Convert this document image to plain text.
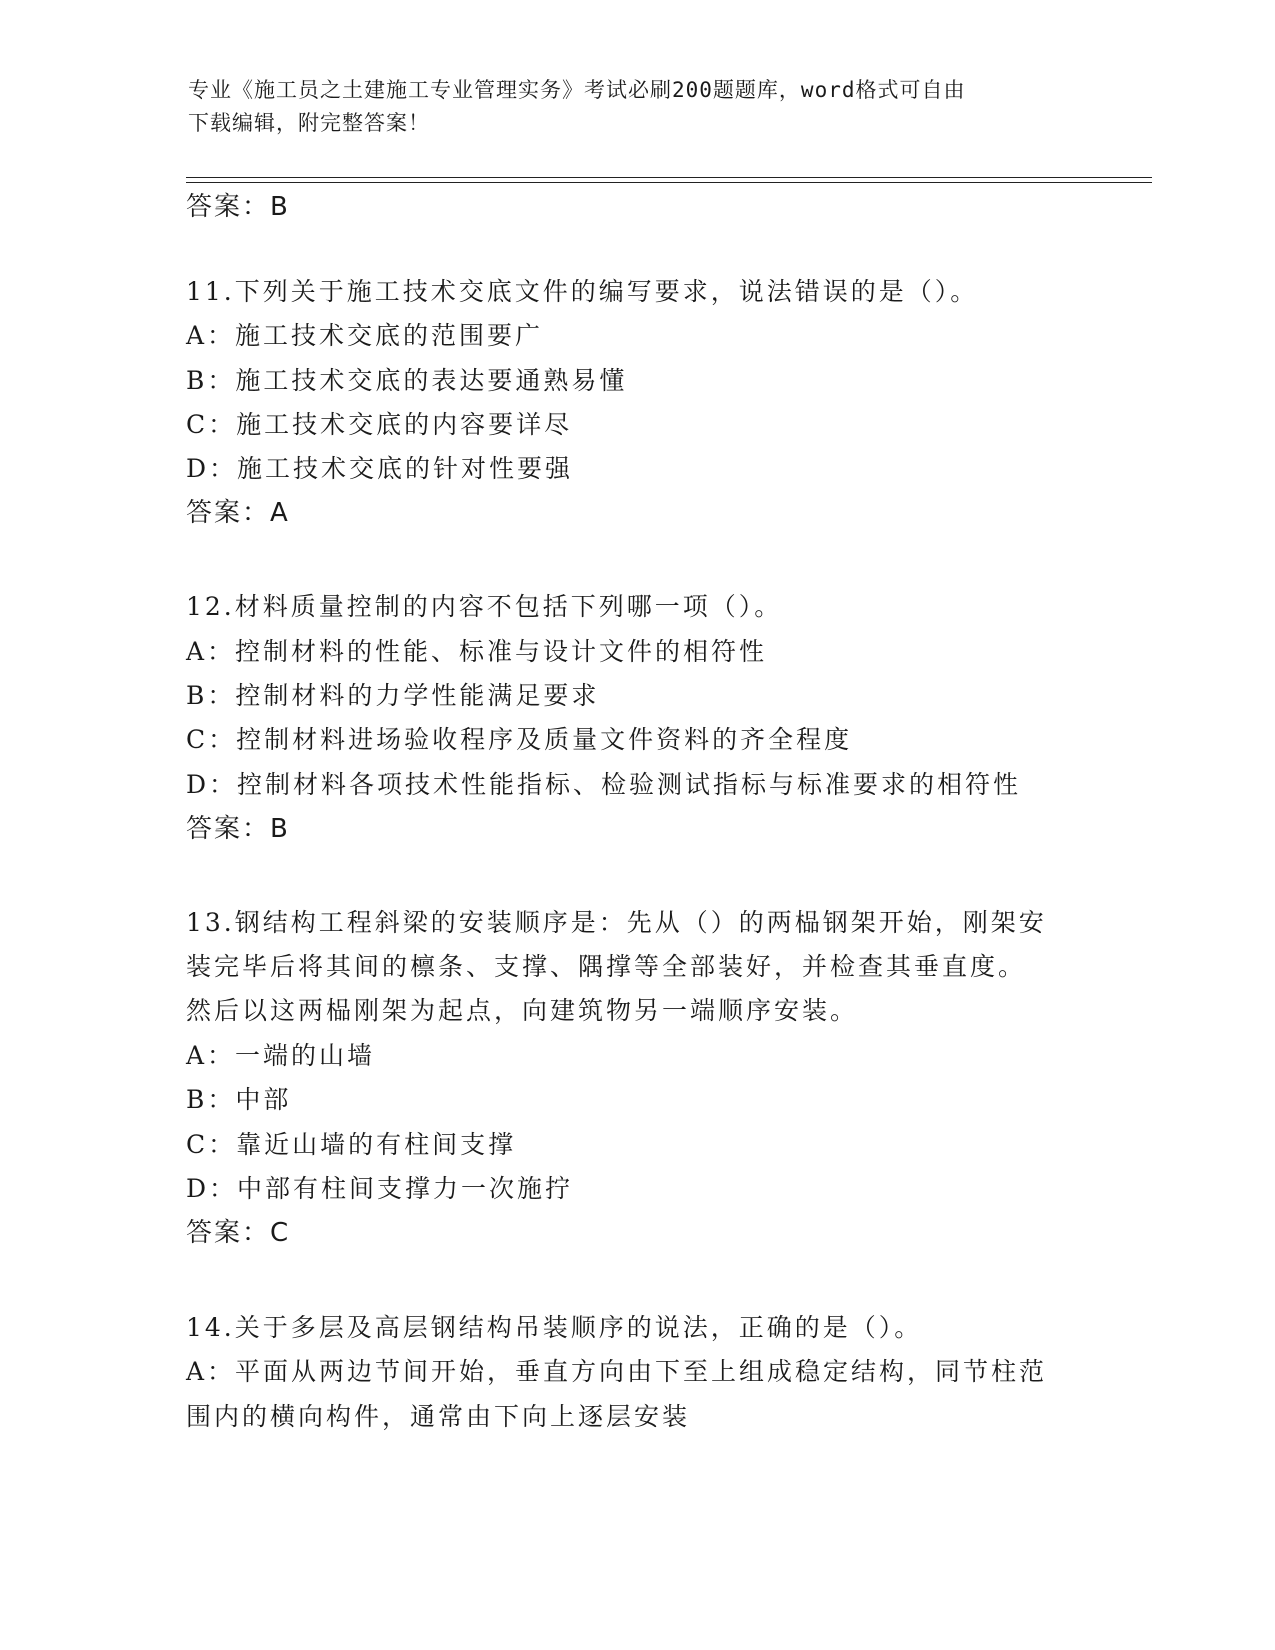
专业《施工员之土建施工专业管理实务》考试必刷200题题库，word格式可自由
下载编辑，附完整答案！
答案：B
11.下列关于施工技术交底文件的编写要求，说法错误的是（）。
A：施工技术交底的范围要广
B：施工技术交底的表达要通熟易懂
C：施工技术交底的内容要详尽
D：施工技术交底的针对性要强
答案：A
12.材料质量控制的内容不包括下列哪一项（）。
A：控制材料的性能、标准与设计文件的相符性
B：控制材料的力学性能满足要求
C：控制材料进场验收程序及质量文件资料的齐全程度
D：控制材料各项技术性能指标、检验测试指标与标准要求的相符性
答案：B
13.钢结构工程斜梁的安装顺序是：先从（）的两榀钢架开始，刚架安
装完毕后将其间的檩条、支撑、隅撑等全部装好，并检查其垂直度。
然后以这两榀刚架为起点，向建筑物另一端顺序安装。
A：一端的山墙
B：中部
C：靠近山墙的有柱间支撑
D：中部有柱间支撑力一次施拧
答案：C
14.关于多层及高层钢结构吊装顺序的说法，正确的是（）。
A：平面从两边节间开始，垂直方向由下至上组成稳定结构，同节柱范
围内的横向构件，通常由下向上逐层安装
